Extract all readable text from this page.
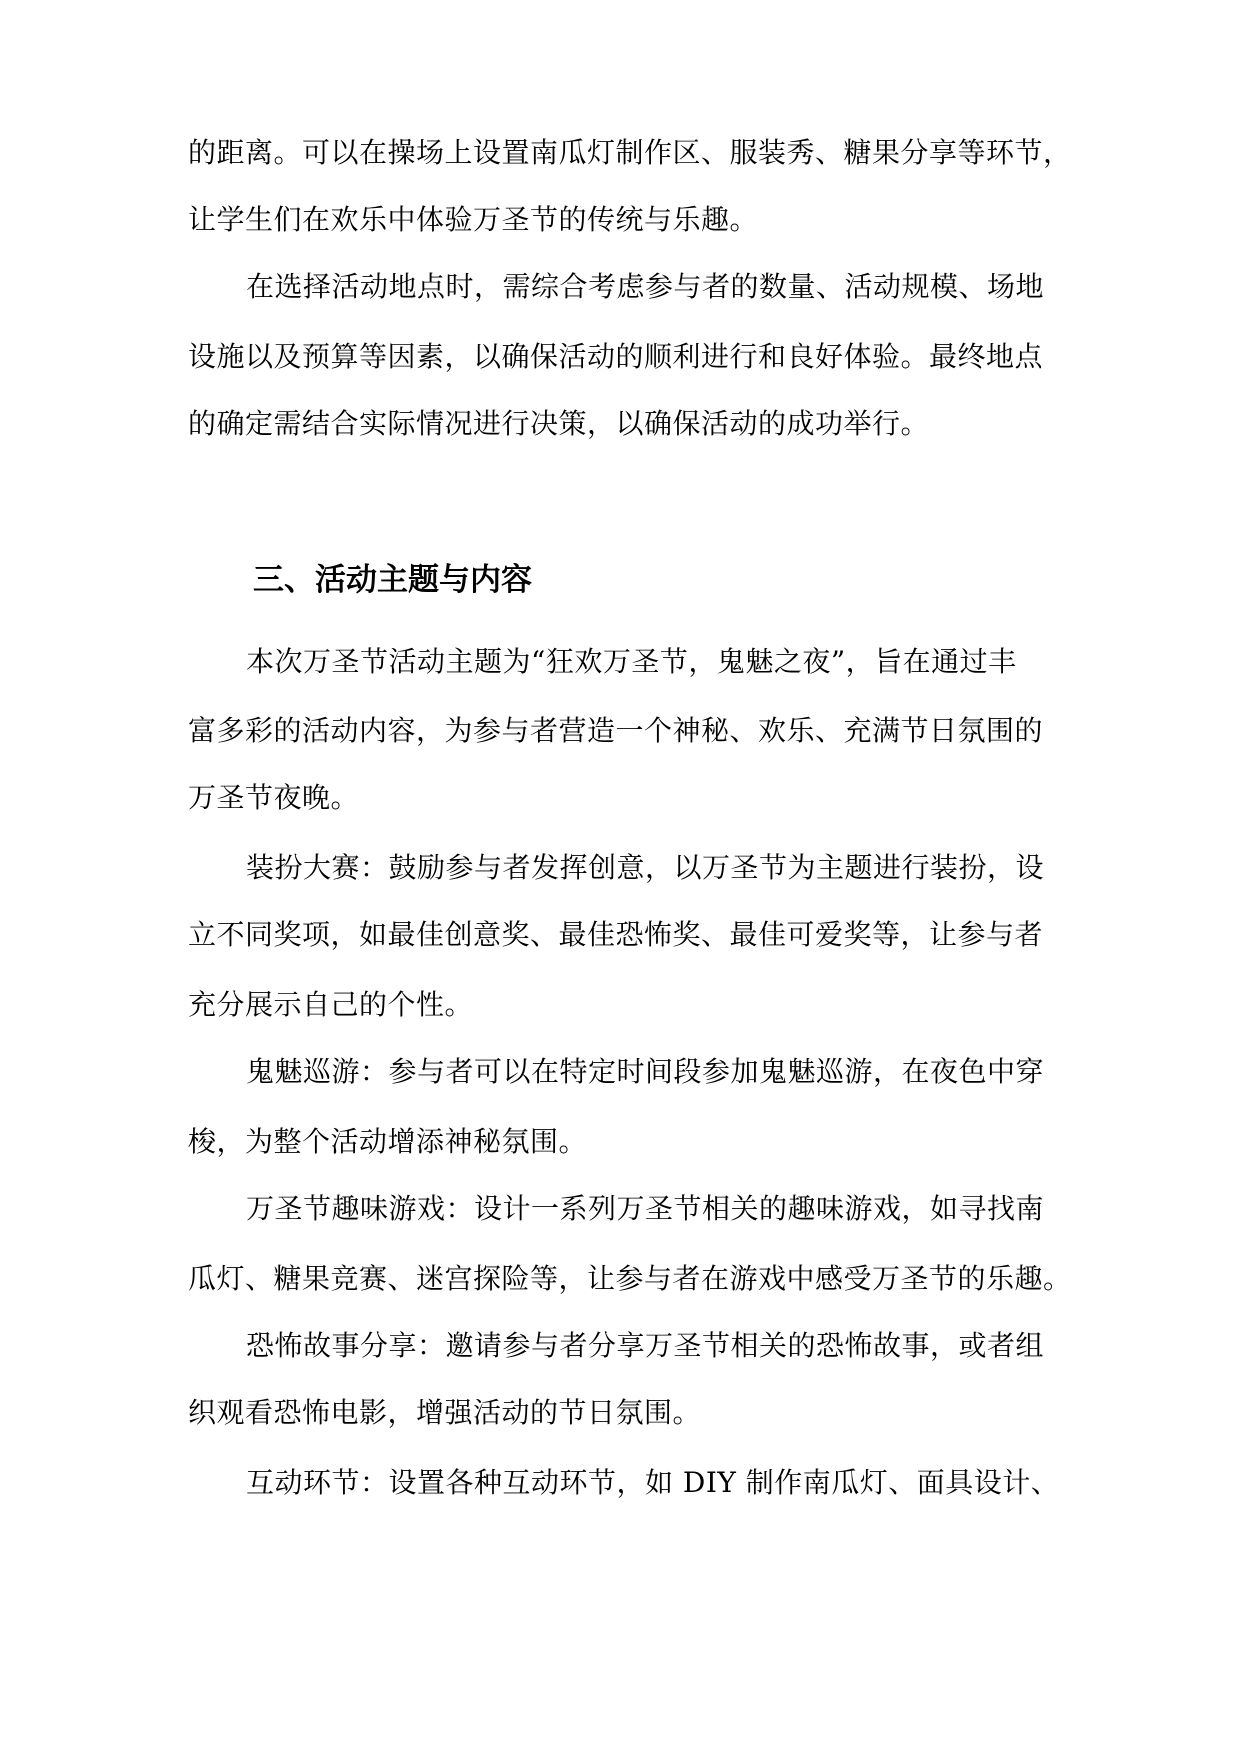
的距离。可以在操场上设置南瓜灯制作区、服装秀、糖果分享等环节，
让学生们在欢乐中体验万圣节的传统与乐趣。
在选择活动地点时，需综合考虑参与者的数量、活动规模、场地
设施以及预算等因素，以确保活动的顺利进行和良好体验。最终地点
的确定需结合实际情况进行决策，以确保活动的成功举行。
三、活动主题与内容
本次万圣节活动主题为“狂欢万圣节，鬼魅之夜”，旨在通过丰
富多彩的活动内容，为参与者营造一个神秘、欢乐、充满节日氛围的
万圣节夜晚。
装扮大赛：鼓励参与者发挥创意，以万圣节为主题进行装扮，设
立不同奖项，如最佳创意奖、最佳恐怖奖、最佳可爱奖等，让参与者
充分展示自己的个性。
鬼魅巡游：参与者可以在特定时间段参加鬼魅巡游，在夜色中穿
梭，为整个活动增添神秘氛围。
万圣节趣味游戏：设计一系列万圣节相关的趣味游戏，如寻找南
瓜灯、糖果竞赛、迷宫探险等，让参与者在游戏中感受万圣节的乐趣。
恐怖故事分享：邀请参与者分享万圣节相关的恐怖故事，或者组
织观看恐怖电影，增强活动的节日氛围。
互动环节：设置各种互动环节，如 DIY 制作南瓜灯、面具设计、
